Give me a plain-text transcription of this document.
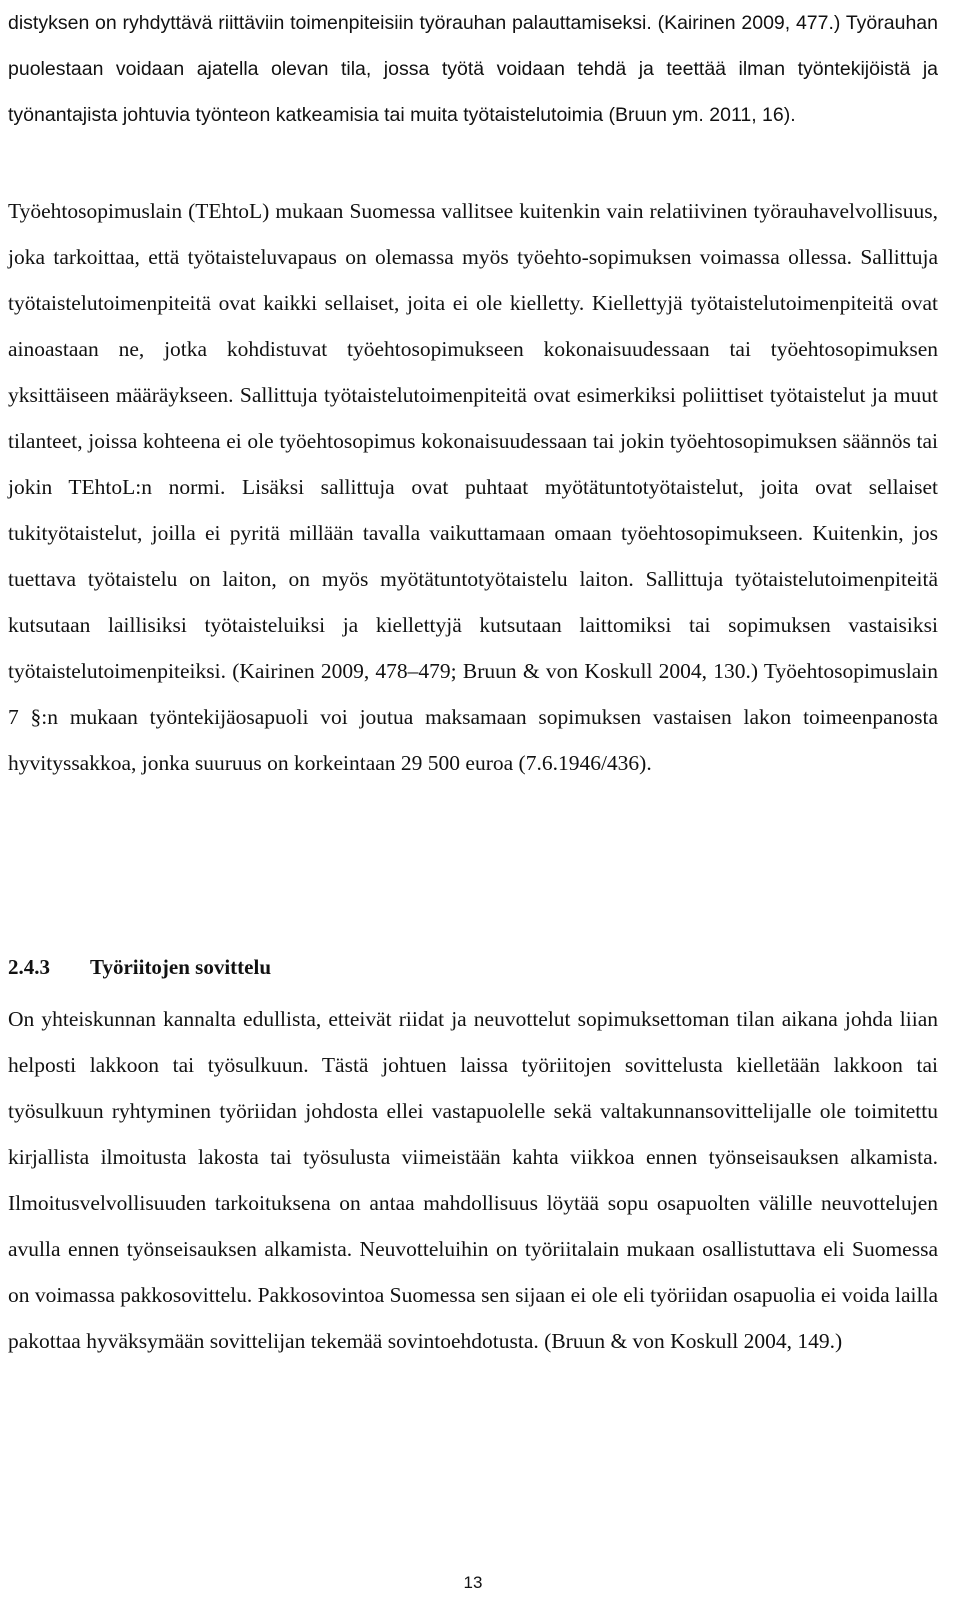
distyksen on ryhdyttävä riittäviin toimenpiteisiin työrauhan palauttamiseksi. (Kairinen 2009, 477.) Työrauhan puolestaan voidaan ajatella olevan tila, jossa työtä voidaan tehdä ja teettää ilman työntekijöistä ja työnantajista johtuvia työnteon katkeamisia tai muita työtaistelutoimia (Bruun ym. 2011, 16).

Työehtosopimuslain (TEhtoL) mukaan Suomessa vallitsee kuitenkin vain relatiivinen työrauhavelvollisuus, joka tarkoittaa, että työtaisteluvapaus on olemassa myös työehto-sopimuksen voimassa ollessa. Sallittuja työtaistelutoimenpiteitä ovat kaikki sellaiset, joita ei ole kielletty. Kiellettyjä työtaistelutoimenpiteitä ovat ainoastaan ne, jotka kohdistuvat työehtosopimukseen kokonaisuudessaan tai työehtosopimuksen yksittäiseen määräykseen. Sallittuja työtaistelutoimenpiteitä ovat esimerkiksi poliittiset työtaistelut ja muut tilanteet, joissa kohteena ei ole työehtosopimus kokonaisuudessaan tai jokin työehtosopimuksen säännös tai jokin TEhtoL:n normi. Lisäksi sallittuja ovat puhtaat myötätuntotyötaistelut, joita ovat sellaiset tukityötaistelut, joilla ei pyritä millään tavalla vaikuttamaan omaan työehtosopimukseen. Kuitenkin, jos tuettava työtaistelu on laiton, on myös myötätuntotyötaistelu laiton. Sallittuja työtaistelutoimenpiteitä kutsutaan laillisiksi työtaisteluiksi ja kiellettyjä kutsutaan laittomiksi tai sopimuksen vastaisiksi työtaistelutoimenpiteiksi. (Kairinen 2009, 478–479; Bruun & von Koskull 2004, 130.) Työehtosopimuslain 7 §:n mukaan työntekijäosapuoli voi joutua maksamaan sopimuksen vastaisen lakon toimeenpanosta hyvityssakkoa, jonka suuruus on korkeintaan 29 500 euroa (7.6.1946/436).

2.4.3 Työriitojen sovittelu

On yhteiskunnan kannalta edullista, etteivät riidat ja neuvottelut sopimuksettoman tilan aikana johda liian helposti lakkoon tai työsulkuun. Tästä johtuen laissa työriitojen sovittelusta kielletään lakkoon tai työsulkuun ryhtyminen työriidan johdosta ellei vastapuolelle sekä valtakunnansovittelijalle ole toimitettu kirjallista ilmoitusta lakosta tai työsulusta viimeistään kahta viikkoa ennen työnseisauksen alkamista. Ilmoitusvelvollisuuden tarkoituksena on antaa mahdollisuus löytää sopu osapuolten välille neuvottelujen avulla ennen työnseisauksen alkamista. Neuvotteluihin on työriitalain mukaan osallistuttava eli Suomessa on voimassa pakkosovittelu. Pakkosovintoa Suomessa sen sijaan ei ole eli työriidan osapuolia ei voida lailla pakottaa hyväksymään sovittelijan tekemää sovintoehdotusta. (Bruun & von Koskull 2004, 149.)

13
